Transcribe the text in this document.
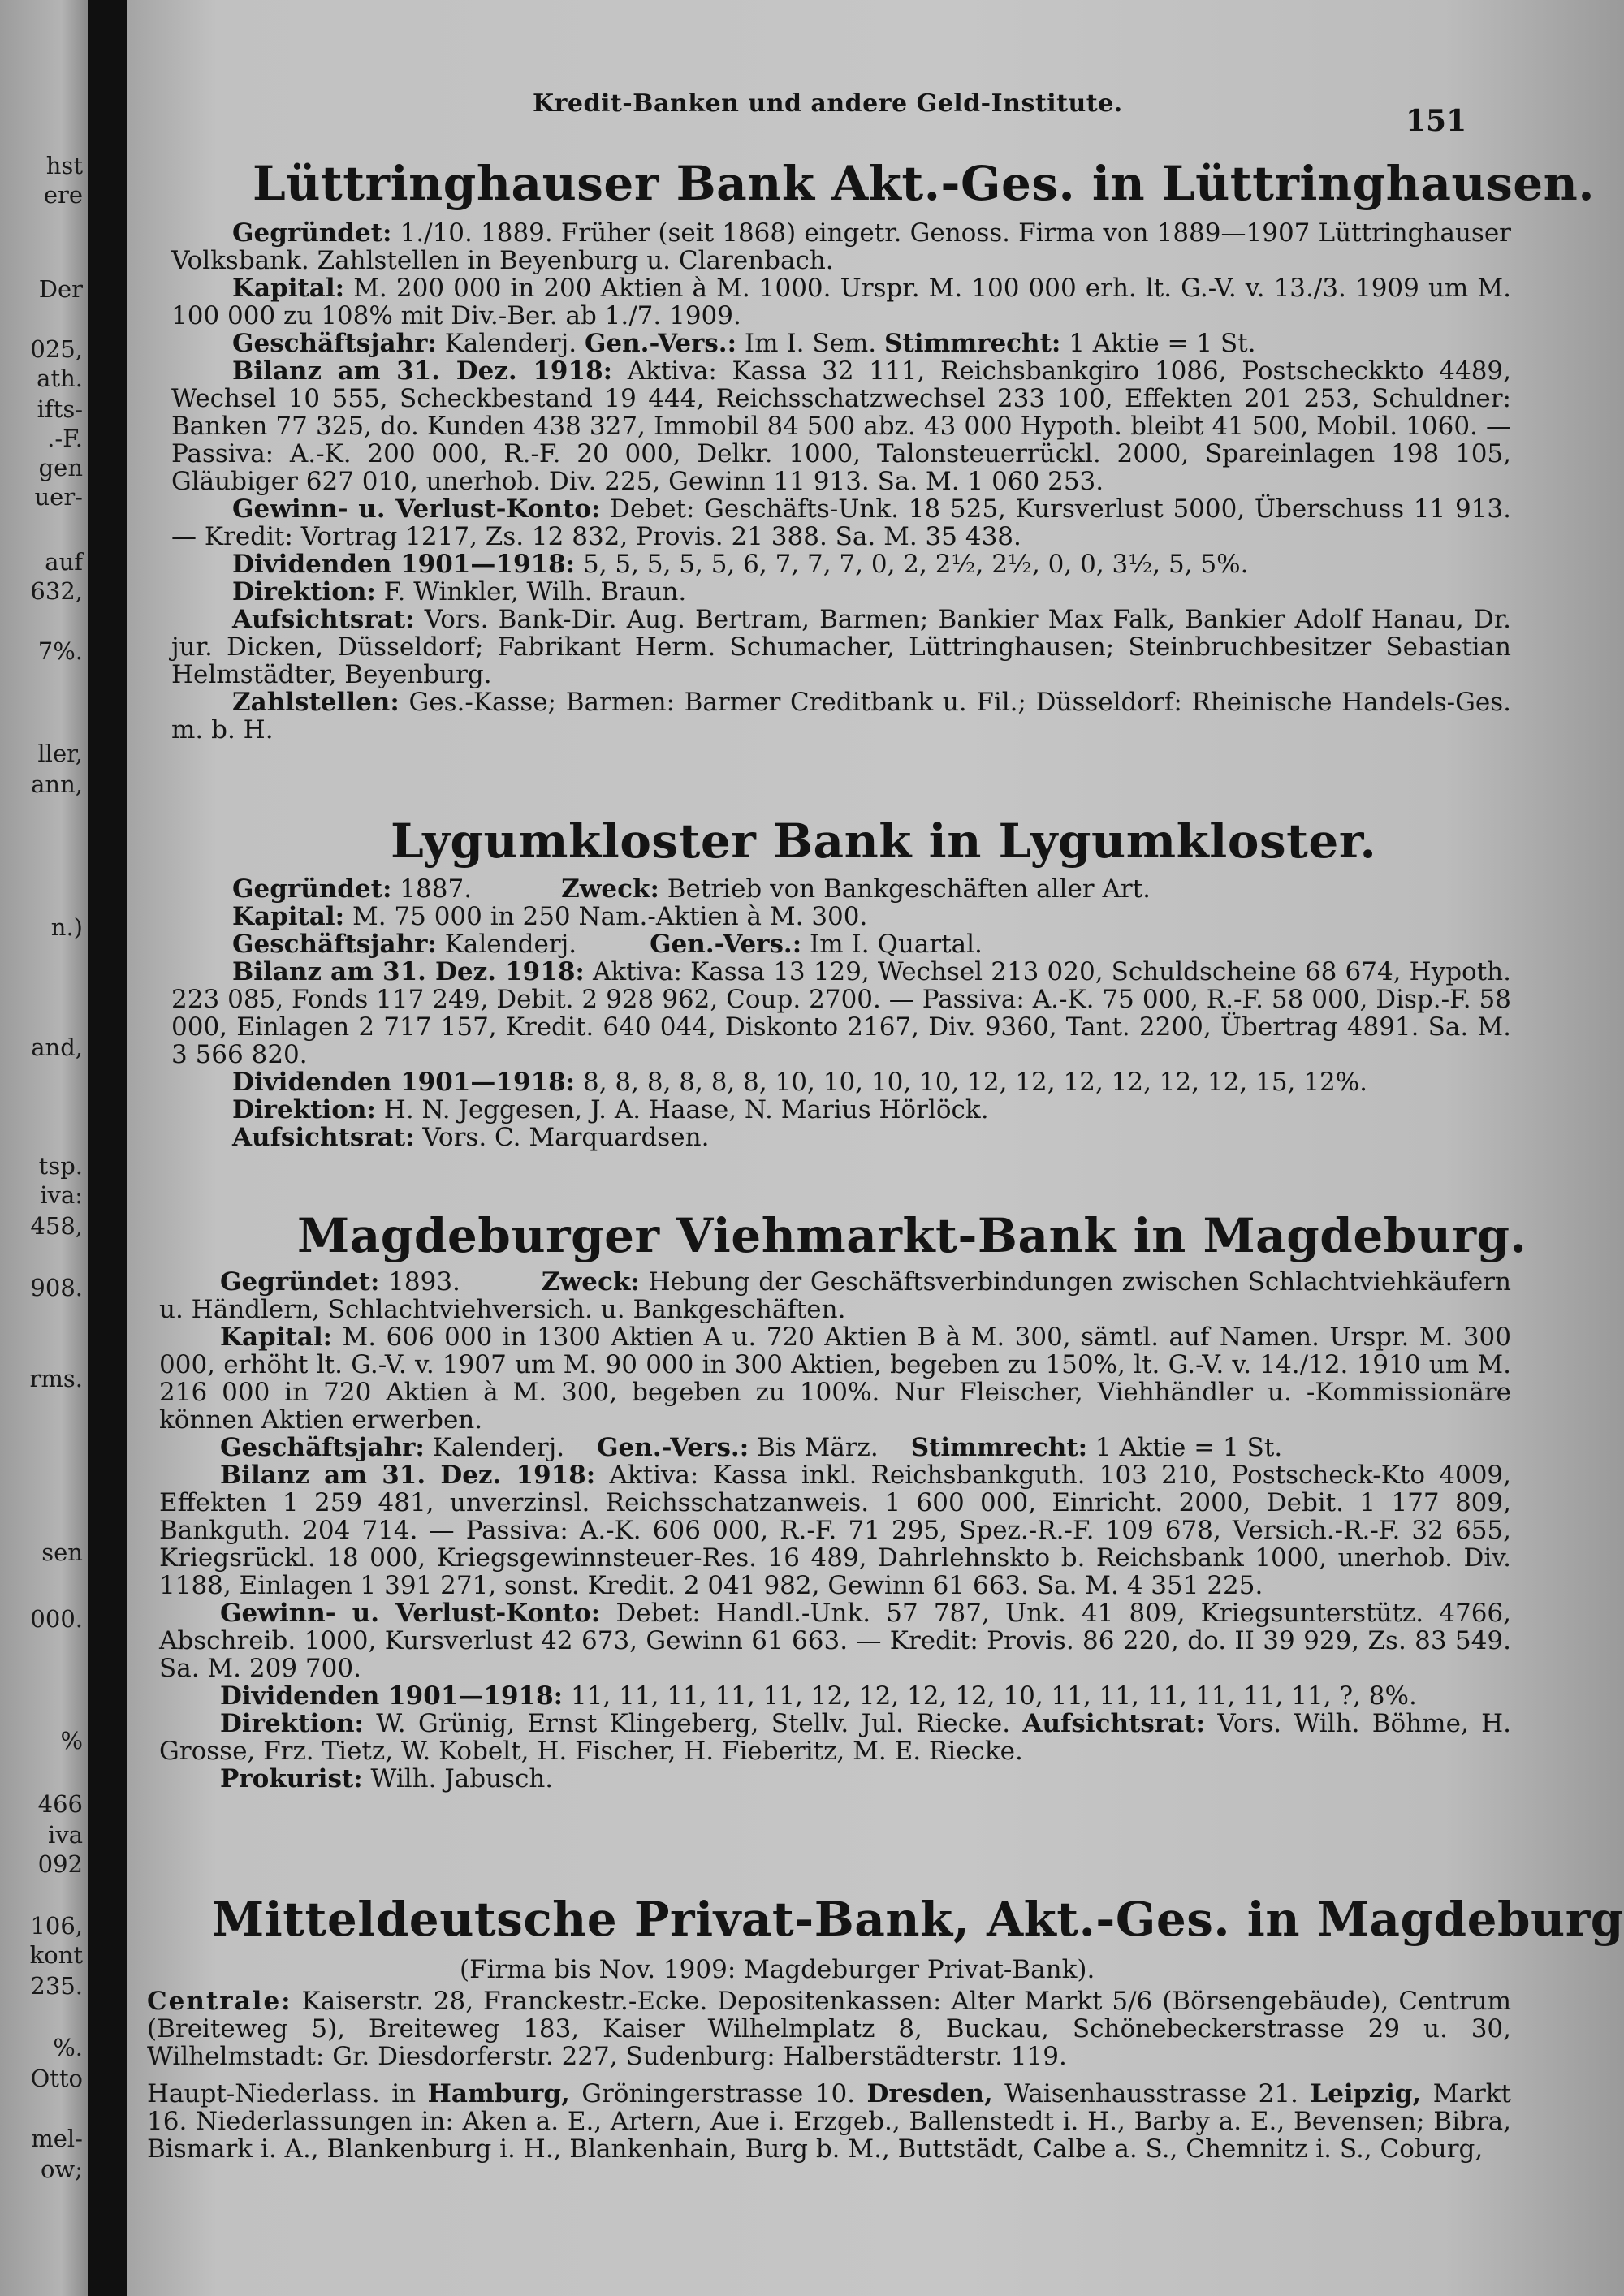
hst
ere
Der
025,
ath.
ifts-
.-F.
gen
uer-
auf
632,
7%.
ller,
ann,
n.)
and,
tsp.
iva:
458,
908.
rms.
sen
000.
%
466
iva
092
106,
kont
235.
%.
Otto
mel-
ow;
Kredit-Banken und andere Geld-Institute.
151
Lüttringhauser Bank Akt.-Ges. in Lüttringhausen.
Gegründet: 1./10. 1889. Früher (seit 1868) eingetr. Genoss. Firma von 1889—1907 Lüttringhauser Volksbank. Zahlstellen in Beyenburg u. Clarenbach.
Kapital: M. 200 000 in 200 Aktien à M. 1000. Urspr. M. 100 000 erh. lt. G.-V. v. 13./3. 1909 um M. 100 000 zu 108% mit Div.-Ber. ab 1./7. 1909.
Geschäftsjahr: Kalenderj. Gen.-Vers.: Im I. Sem. Stimmrecht: 1 Aktie = 1 St.
Bilanz am 31. Dez. 1918: Aktiva: Kassa 32 111, Reichsbankgiro 1086, Postscheckkto 4489, Wechsel 10 555, Scheckbestand 19 444, Reichsschatzwechsel 233 100, Effekten 201 253, Schuldner: Banken 77 325, do. Kunden 438 327, Immobil 84 500 abz. 43 000 Hypoth. bleibt 41 500, Mobil. 1060. — Passiva: A.-K. 200 000, R.-F. 20 000, Delkr. 1000, Talonsteuerrückl. 2000, Spareinlagen 198 105, Gläubiger 627 010, unerhob. Div. 225, Gewinn 11 913. Sa. M. 1 060 253.
Gewinn- u. Verlust-Konto: Debet: Geschäfts-Unk. 18 525, Kursverlust 5000, Überschuss 11 913. — Kredit: Vortrag 1217, Zs. 12 832, Provis. 21 388. Sa. M. 35 438.
Dividenden 1901—1918: 5, 5, 5, 5, 5, 6, 7, 7, 7, 0, 2, 2½, 2½, 0, 0, 3½, 5, 5%.
Direktion: F. Winkler, Wilh. Braun.
Aufsichtsrat: Vors. Bank-Dir. Aug. Bertram, Barmen; Bankier Max Falk, Bankier Adolf Hanau, Dr. jur. Dicken, Düsseldorf; Fabrikant Herm. Schumacher, Lüttringhausen; Steinbruchbesitzer Sebastian Helmstädter, Beyenburg.
Zahlstellen: Ges.-Kasse; Barmen: Barmer Creditbank u. Fil.; Düsseldorf: Rheinische Handels-Ges. m. b. H.
Lygumkloster Bank in Lygumkloster.
Gegründet: 1887.	Zweck: Betrieb von Bankgeschäften aller Art.
Kapital: M. 75 000 in 250 Nam.-Aktien à M. 300.
Geschäftsjahr: Kalenderj.	Gen.-Vers.: Im I. Quartal.
Bilanz am 31. Dez. 1918: Aktiva: Kassa 13 129, Wechsel 213 020, Schuldscheine 68 674, Hypoth. 223 085, Fonds 117 249, Debit. 2 928 962, Coup. 2700. — Passiva: A.-K. 75 000, R.-F. 58 000, Disp.-F. 58 000, Einlagen 2 717 157, Kredit. 640 044, Diskonto 2167, Div. 9360, Tant. 2200, Übertrag 4891. Sa. M. 3 566 820.
Dividenden 1901—1918: 8, 8, 8, 8, 8, 8, 10, 10, 10, 10, 12, 12, 12, 12, 12, 12, 15, 12%.
Direktion: H. N. Jeggesen, J. A. Haase, N. Marius Hörlöck.
Aufsichtsrat: Vors. C. Marquardsen.
Magdeburger Viehmarkt-Bank in Magdeburg.
Gegründet: 1893.	Zweck: Hebung der Geschäftsverbindungen zwischen Schlachtviehkäufern u. Händlern, Schlachtviehversich. u. Bankgeschäften.
Kapital: M. 606 000 in 1300 Aktien A u. 720 Aktien B à M. 300, sämtl. auf Namen. Urspr. M. 300 000, erhöht lt. G.-V. v. 1907 um M. 90 000 in 300 Aktien, begeben zu 150%, lt. G.-V. v. 14./12. 1910 um M. 216 000 in 720 Aktien à M. 300, begeben zu 100%. Nur Fleischer, Viehhändler u. -Kommissionäre können Aktien erwerben.
Geschäftsjahr: Kalenderj. Gen.-Vers.: Bis März. Stimmrecht: 1 Aktie = 1 St.
Bilanz am 31. Dez. 1918: Aktiva: Kassa inkl. Reichsbankguth. 103 210, Postscheck-Kto 4009, Effekten 1 259 481, unverzinsl. Reichsschatzanweis. 1 600 000, Einricht. 2000, Debit. 1 177 809, Bankguth. 204 714. — Passiva: A.-K. 606 000, R.-F. 71 295, Spez.-R.-F. 109 678, Versich.-R.-F. 32 655, Kriegsrückl. 18 000, Kriegsgewinnsteuer-Res. 16 489, Dahrlehnskto b. Reichsbank 1000, unerhob. Div. 1188, Einlagen 1 391 271, sonst. Kredit. 2 041 982, Gewinn 61 663. Sa. M. 4 351 225.
Gewinn- u. Verlust-Konto: Debet: Handl.-Unk. 57 787, Unk. 41 809, Kriegsunterstütz. 4766, Abschreib. 1000, Kursverlust 42 673, Gewinn 61 663. — Kredit: Provis. 86 220, do. II 39 929, Zs. 83 549. Sa. M. 209 700.
Dividenden 1901—1918: 11, 11, 11, 11, 11, 12, 12, 12, 12, 10, 11, 11, 11, 11, 11, 11, ?, 8%.
Direktion: W. Grünig, Ernst Klingeberg, Stellv. Jul. Riecke. Aufsichtsrat: Vors. Wilh. Böhme, H. Grosse, Frz. Tietz, W. Kobelt, H. Fischer, H. Fieberitz, M. E. Riecke.
Prokurist: Wilh. Jabusch.
Mitteldeutsche Privat-Bank, Akt.-Ges. in Magdeburg
(Firma bis Nov. 1909: Magdeburger Privat-Bank).
Centrale: Kaiserstr. 28, Franckestr.-Ecke. Depositenkassen: Alter Markt 5/6 (Börsengebäude), Centrum (Breiteweg 5), Breiteweg 183, Kaiser Wilhelmplatz 8, Buckau, Schönebeckerstrasse 29 u. 30, Wilhelmstadt: Gr. Diesdorferstr. 227, Sudenburg: Halberstädterstr. 119.
Haupt-Niederlass. in Hamburg, Gröningerstrasse 10. Dresden, Waisenhausstrasse 21. Leipzig, Markt 16. Niederlassungen in: Aken a. E., Artern, Aue i. Erzgeb., Ballenstedt i. H., Barby a. E., Bevensen; Bibra, Bismark i. A., Blankenburg i. H., Blankenhain, Burg b. M., Buttstädt, Calbe a. S., Chemnitz i. S., Coburg,
